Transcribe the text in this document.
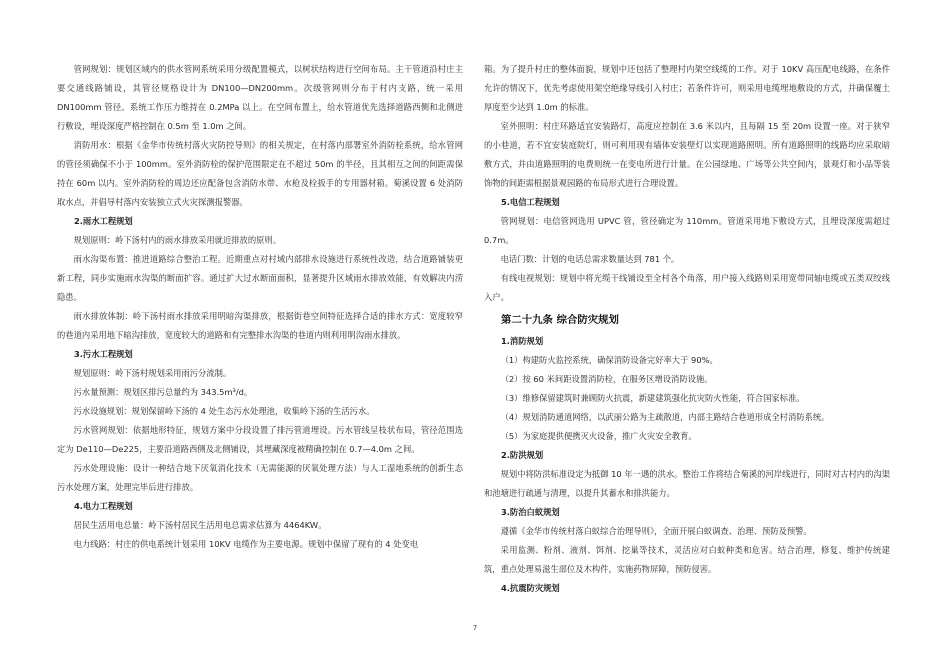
管网规划：规划区域内的供水管网系统采用分级配置模式，以树状结构进行空间布局。主干管道沿村庄主要交通线路铺设，其管径规格设计为 DN100—DN200mm。次级管网则分布于村内支路，统一采用 DN100mm 管径。系统工作压力维持在 0.2MPa 以上。在空间布置上，给水管道优先选择道路西侧和北侧进行敷设，埋设深度严格控制在 0.5m 至 1.0m 之间。

消防用水：根据《金华市传统村落火灾防控导则》的相关规定，在村落内部署室外消防栓系统，给水管网的管径须确保不小于 100mm。室外消防栓的保护范围限定在不超过 50m 的半径，且其相互之间的间距需保持在 60m 以内。室外消防栓的周边还应配备包含消防水带、水枪及栓扳手的专用器材箱。菊溪设置 6 处消防取水点，并倡导村落内安装独立式火灾探测报警器。

2.雨水工程规划

规划原则：岭下汤村内的雨水排放采用就近排放的原则。

雨水沟渠布置：推进道路综合整治工程。近期重点对村域内部排水设施进行系统性改造，结合道路铺装更新工程，同步实施雨水沟渠的断面扩容。通过扩大过水断面面积，显著提升区域雨水排放效能，有效解决内涝隐患。

雨水排放体制：岭下汤村雨水排放采用明暗沟渠排放，根据街巷空间特征选择合适的排水方式：宽度较窄的巷道内采用地下暗沟排放，宽度较大的道路和有完整排水沟渠的巷道内则利用明沟雨水排放。

3.污水工程规划

规划原则：岭下汤村规划采用雨污分流制。

污水量预测：规划区排污总量约为 343.5m³/d。

污水设施规划：规划保留岭下汤的 4 处生态污水处理池，收集岭下汤的生活污水。

污水管网规划：依据地形特征，规划方案中分段设置了排污管道埋设。污水管线呈枝状布局，管径范围选定为 De110—De225，主要沿道路西侧及北侧铺设，其埋藏深度被精确控制在 0.7—4.0m 之间。

污水处理设施：设计一种结合地下厌氧消化技术（无需能源的厌氧处理方法）与人工湿地系统的创新生态污水处理方案，处理完毕后进行排放。

4.电力工程规划

居民生活用电总量：岭下汤村居民生活用电总需求估算为 4464KW。

电力线路：村庄的供电系统计划采用 10KV 电缆作为主要电源。规划中保留了现有的 4 处变电

箱。为了提升村庄的整体面貌，规划中还包括了整理村内架空线缆的工作。对于 10KV 高压配电线路，在条件允许的情况下，优先考虑使用架空绝缘导线引入村庄；若条件许可，则采用电缆埋地敷设的方式，并确保覆土厚度至少达到 1.0m 的标准。

室外照明：村庄环路适宜安装路灯，高度应控制在 3.6 米以内，且每隔 15 至 20m 设置一座。对于狭窄的小巷道，若不宜安装庭院灯，则可利用现有墙体安装壁灯以实现道路照明。所有道路照明的线路均应采取暗敷方式，并由道路照明的电费则统一在变电所进行计量。在公园绿地、广场等公共空间内，景观灯和小品等装饰物的间距需根据景观园路的布局形式进行合理设置。

5.电信工程规划

管网规划：电信管网选用 UPVC 管，管径确定为 110mm。管道采用地下敷设方式，且埋设深度需超过 0.7m。

电话门数：计划的电话总需求数量达到 781 个。

有线电视规划：规划中将光缆干线铺设至全村各个角落，用户接入线路则采用宽带同轴电缆或五类双绞线入户。

第二十九条 综合防灾规划
1.消防规划

（1）构建防火监控系统，确保消防设备完好率大于 90%。

（2）按 60 米间距设置消防栓，在服务区增设消防设施。

（3）维修保留建筑时兼顾防火抗震，新建建筑强化抗灾防火性能，符合国家标准。

（4）规划消防通道网络，以武丽公路为主疏散道，内部主路结合巷道形成全村消防系统。

（5）为家庭提供便携灭火设备，推广火灾安全教育。

2.防洪规划

规划中将防洪标准设定为抵御 10 年一遇的洪水。整治工作将结合菊溪的河岸线进行，同时对古村内的沟渠和池塘进行疏通与清理，以提升其蓄水和排洪能力。

3.防治白蚁规划

遵循《金华市传统村落白蚁综合治理导则》，全面开展白蚁调查、治理、预防及预警。

采用监测、粉剂、液剂、饵剂、挖巢等技术，灵活应对白蚁种类和危害。结合治理，修复、维护传统建筑，重点处理易滋生部位及木构件，实施药物屏障，预防侵害。

4.抗震防灾规划
7
